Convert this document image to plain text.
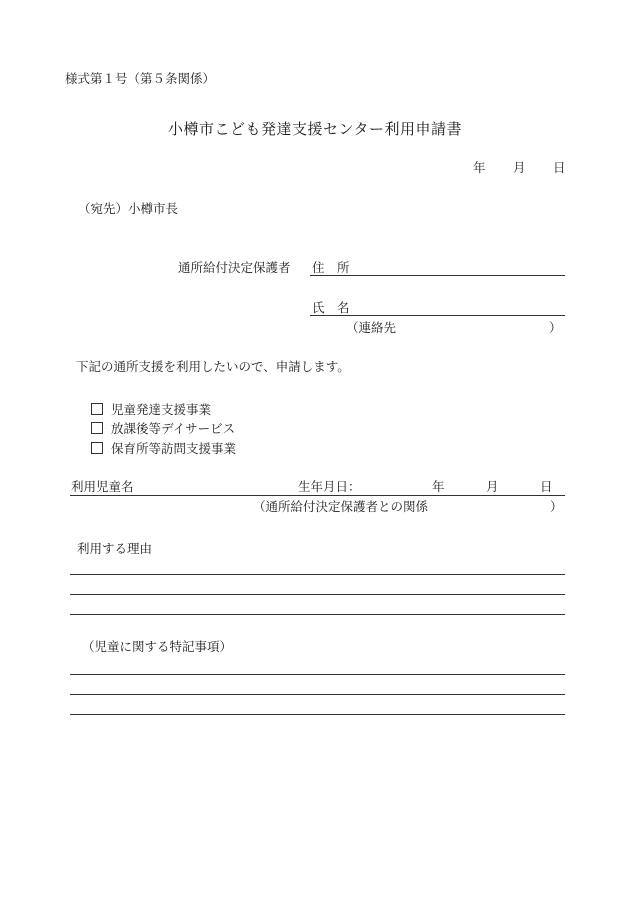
様式第１号（第５条関係）
小樽市こども発達支援センター利用申請書
年 月 日
（宛先）小樽市長
通所給付決定保護者 住　所
氏　名
（連絡先	）
下記の通所支援を利用したいので、申請します。
児童発達支援事業
放課後等デイサービス
保育所等訪問支援事業
利用児童名	生年月日：	年	月	日
（通所給付決定保護者との関係	）
利用する理由
（児童に関する特記事項）
